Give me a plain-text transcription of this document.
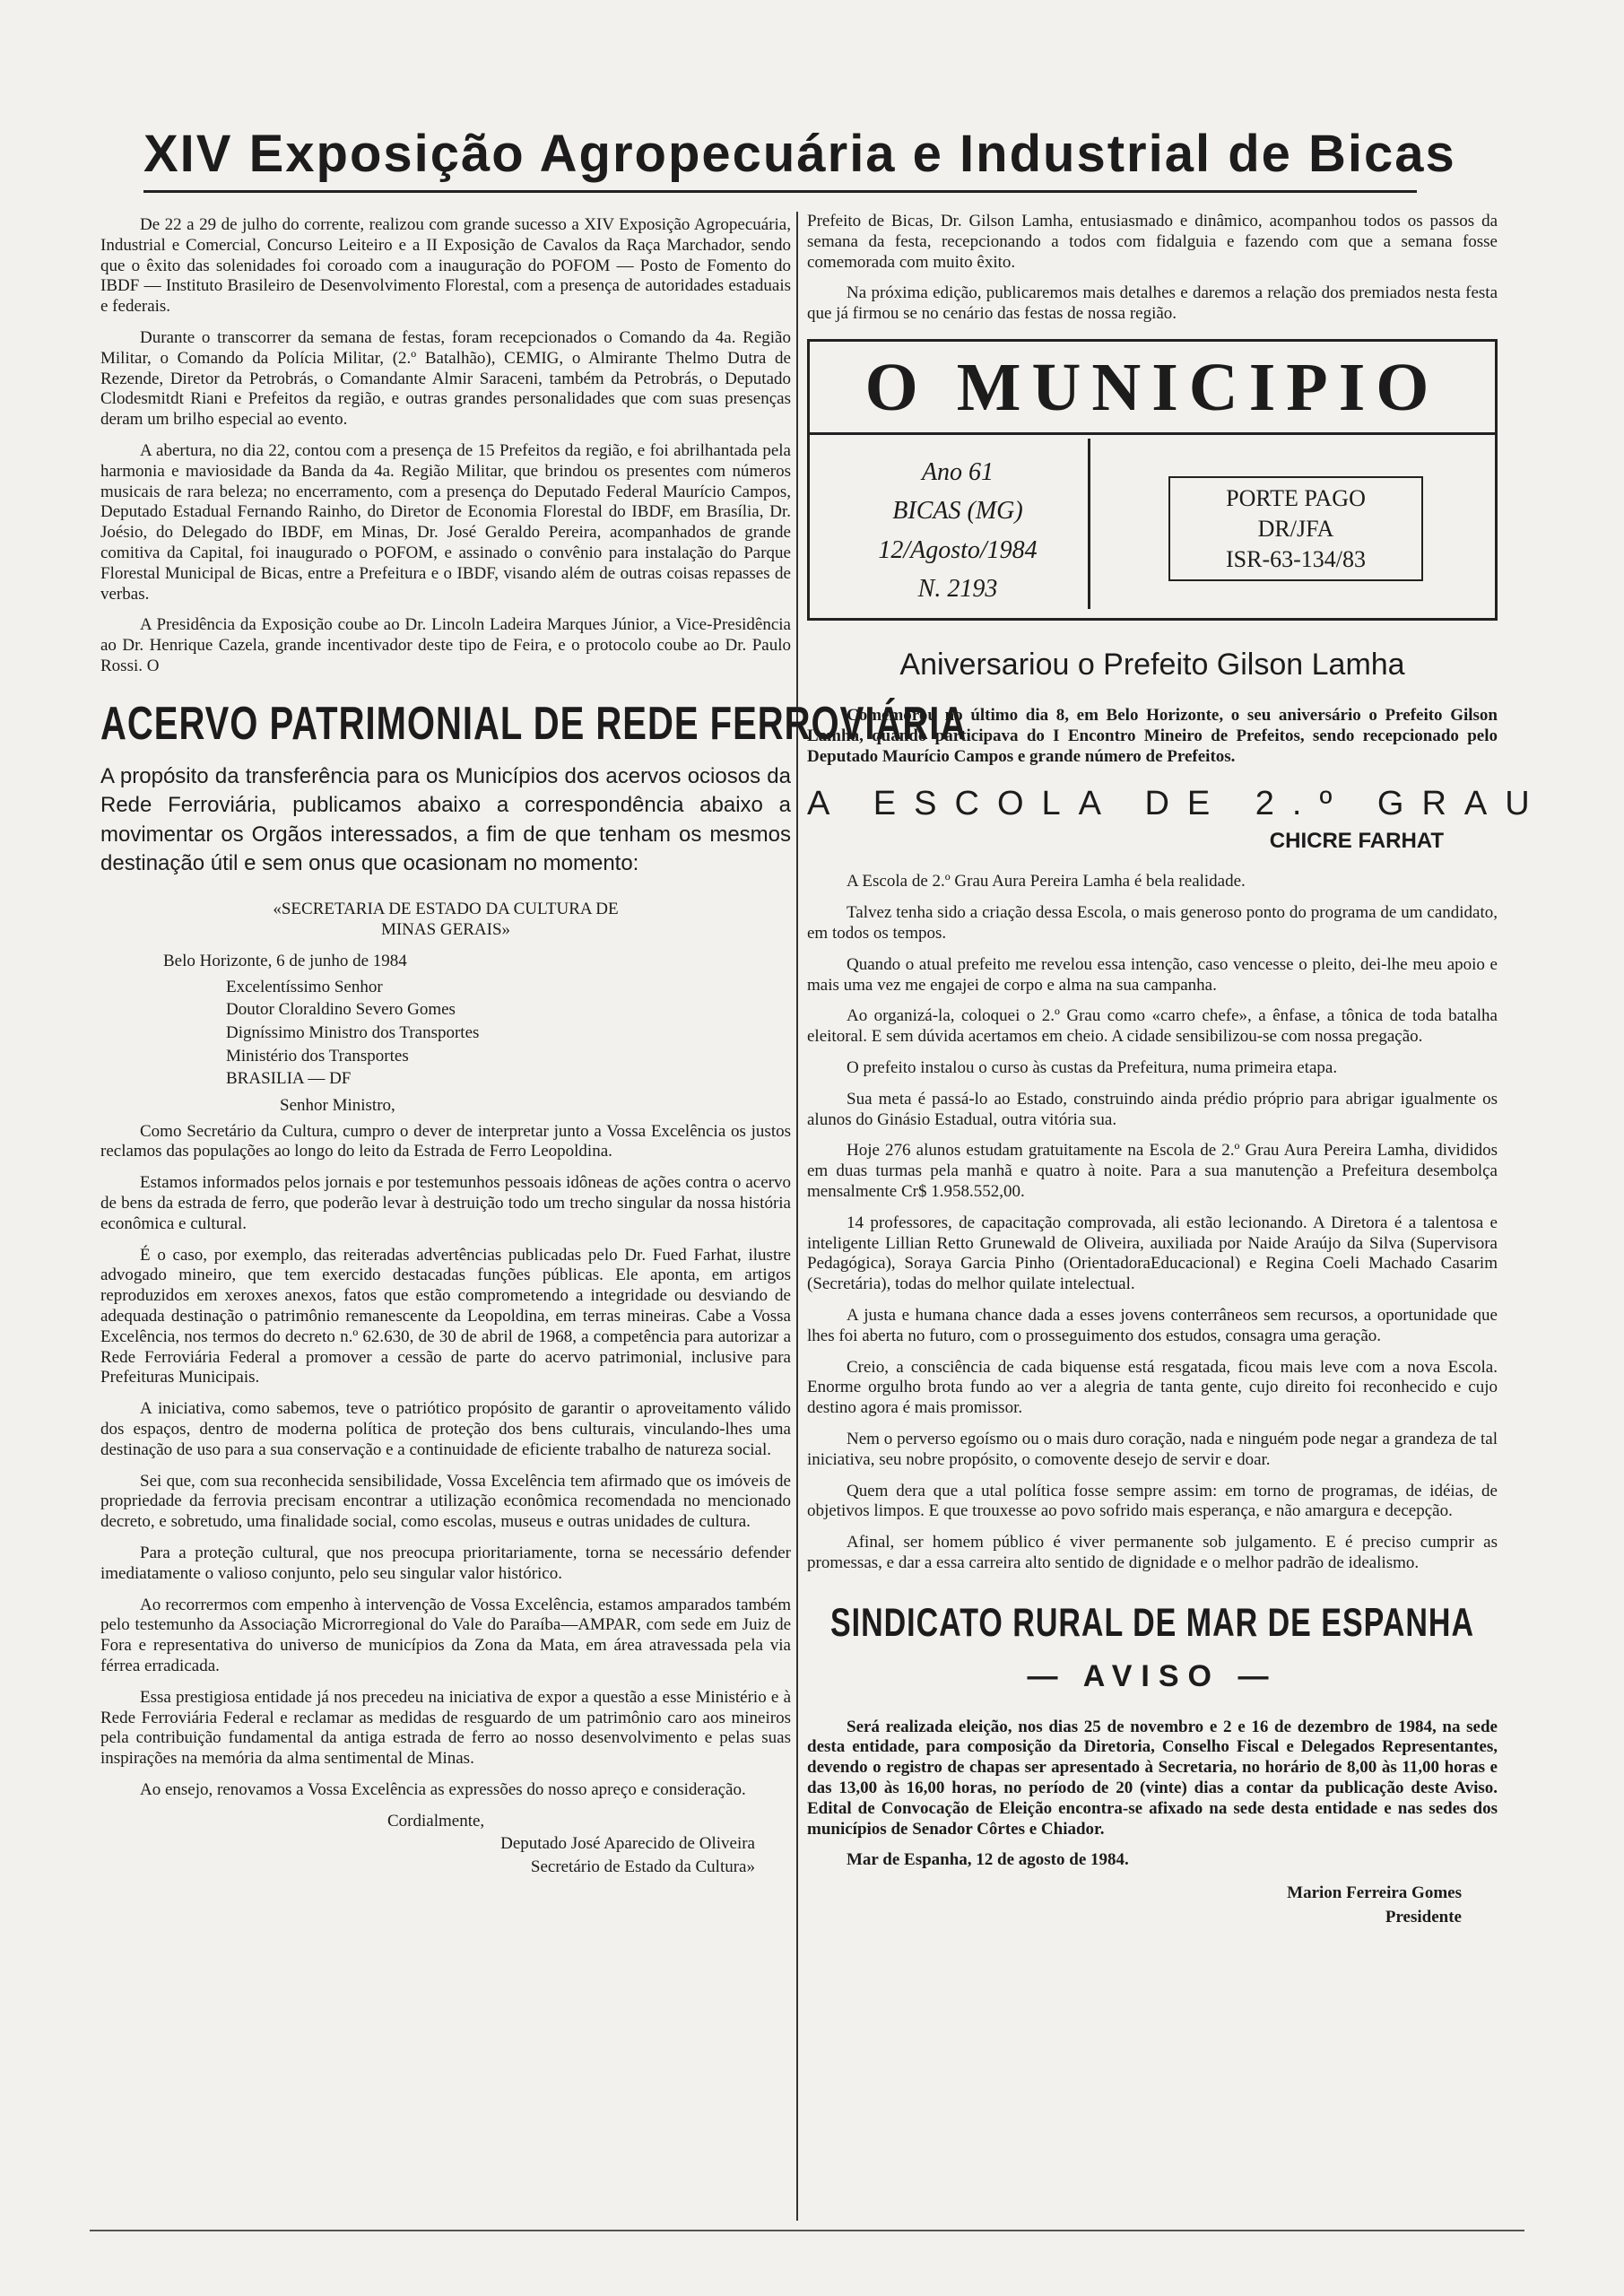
XIV Exposição Agropecuária e Industrial de Bicas

De 22 a 29 de julho do corrente, realizou com grande sucesso a XIV Exposição Agropecuária, Industrial e Comercial, Concurso Leiteiro e a II Exposição de Cavalos da Raça Marchador, sendo que o êxito das solenidades foi coroado com a inauguração do POFOM — Posto de Fomento do IBDF — Instituto Brasileiro de Desenvolvimento Florestal, com a presença de autoridades estaduais e federais.

Durante o transcorrer da semana de festas, foram recepcionados o Comando da 4a. Região Militar, o Comando da Polícia Militar, (2.º Batalhão), CEMIG, o Almirante Thelmo Dutra de Rezende, Diretor da Petrobrás, o Comandante Almir Saraceni, também da Petrobrás, o Deputado Clodesmitdt Riani e Prefeitos da região, e outras grandes personalidades que com suas presenças deram um brilho especial ao evento.

A abertura, no dia 22, contou com a presença de 15 Prefeitos da região, e foi abrilhantada pela harmonia e maviosidade da Banda da 4a. Região Militar, que brindou os presentes com números musicais de rara beleza; no encerramento, com a presença do Deputado Federal Maurício Campos, Deputado Estadual Fernando Rainho, do Diretor de Economia Florestal do IBDF, em Brasília, Dr. Joésio, do Delegado do IBDF, em Minas, Dr. José Geraldo Pereira, acompanhados de grande comitiva da Capital, foi inaugurado o POFOM, e assinado o convênio para instalação do Parque Florestal Municipal de Bicas, entre a Prefeitura e o IBDF, visando além de outras coisas repasses de verbas.

A Presidência da Exposição coube ao Dr. Lincoln Ladeira Marques Júnior, a Vice-Presidência ao Dr. Henrique Cazela, grande incentivador deste tipo de Feira, e o protocolo coube ao Dr. Paulo Rossi. O

ACERVO PATRIMONIAL DE REDE FERROVIÁRIA

A propósito da transferência para os Municípios dos acervos ociosos da Rede Ferroviária, publicamos abaixo a correspondência abaixo a movimentar os Orgãos interessados, a fim de que tenham os mesmos destinação útil e sem onus que ocasionam no momento:

«SECRETARIA DE ESTADO DA CULTURA DE

MINAS GERAIS»

Belo Horizonte, 6 de junho de 1984

Excelentíssimo Senhor
Doutor Cloraldino Severo Gomes
Digníssimo Ministro dos Transportes
Ministério dos Transportes
BRASILIA — DF

Senhor Ministro,

Como Secretário da Cultura, cumpro o dever de interpretar junto a Vossa Excelência os justos reclamos das populações ao longo do leito da Estrada de Ferro Leopoldina.

Estamos informados pelos jornais e por testemunhos pessoais idôneas de ações contra o acervo de bens da estrada de ferro, que poderão levar à destruição todo um trecho singular da nossa história econômica e cultural.

É o caso, por exemplo, das reiteradas advertências publicadas pelo Dr. Fued Farhat, ilustre advogado mineiro, que tem exercido destacadas funções públicas. Ele aponta, em artigos reproduzidos em xeroxes anexos, fatos que estão comprometendo a integridade ou desviando de adequada destinação o patrimônio remanescente da Leopoldina, em terras mineiras. Cabe a Vossa Excelência, nos termos do decreto n.º 62.630, de 30 de abril de 1968, a competência para autorizar a Rede Ferroviária Federal a promover a cessão de parte do acervo patrimonial, inclusive para Prefeituras Municipais.

A iniciativa, como sabemos, teve o patriótico propósito de garantir o aproveitamento válido dos espaços, dentro de moderna política de proteção dos bens culturais, vinculando-lhes uma destinação de uso para a sua conservação e a continuidade de eficiente trabalho de natureza social.

Sei que, com sua reconhecida sensibilidade, Vossa Excelência tem afirmado que os imóveis de propriedade da ferrovia precisam encontrar a utilização econômica recomendada no mencionado decreto, e sobretudo, uma finalidade social, como escolas, museus e outras unidades de cultura.

Para a proteção cultural, que nos preocupa prioritariamente, torna se necessário defender imediatamente o valioso conjunto, pelo seu singular valor histórico.

Ao recorrermos com empenho à intervenção de Vossa Excelência, estamos amparados também pelo testemunho da Associação Microrregional do Vale do Paraíba—AMPAR, com sede em Juiz de Fora e representativa do universo de municípios da Zona da Mata, em área atravessada pela via férrea erradicada.

Essa prestigiosa entidade já nos precedeu na iniciativa de expor a questão a esse Ministério e à Rede Ferroviária Federal e reclamar as medidas de resguardo de um patrimônio caro aos mineiros pela contribuição fundamental da antiga estrada de ferro ao nosso desenvolvimento e pelas suas inspirações na memória da alma sentimental de Minas.

Ao ensejo, renovamos a Vossa Excelência as expressões do nosso apreço e consideração.

Cordialmente,

Deputado José Aparecido de Oliveira
Secretário de Estado da Cultura»

Prefeito de Bicas, Dr. Gilson Lamha, entusiasmado e dinâmico, acompanhou todos os passos da semana da festa, recepcionando a todos com fidalguia e fazendo com que a semana fosse comemorada com muito êxito.

Na próxima edição, publicaremos mais detalhes e daremos a relação dos premiados nesta festa que já firmou se no cenário das festas de nossa região.

O MUNICIPIO
Ano 61
BICAS (MG)
12/Agosto/1984
N. 2193
PORTE PAGO
DR/JFA
ISR-63-134/83
Aniversariou o Prefeito Gilson Lamha

Comemorou no último dia 8, em Belo Horizonte, o seu aniversário o Prefeito Gilson Lamha, quando participava do I Encontro Mineiro de Prefeitos, sendo recepcionado pelo Deputado Maurício Campos e grande número de Prefeitos.

A ESCOLA DE 2.º GRAU
CHICRE FARHAT

A Escola de 2.º Grau Aura Pereira Lamha é bela realidade.

Talvez tenha sido a criação dessa Escola, o mais generoso ponto do programa de um candidato, em todos os tempos.

Quando o atual prefeito me revelou essa intenção, caso vencesse o pleito, dei-lhe meu apoio e mais uma vez me engajei de corpo e alma na sua campanha.

Ao organizá-la, coloquei o 2.º Grau como «carro chefe», a ênfase, a tônica de toda batalha eleitoral. E sem dúvida acertamos em cheio. A cidade sensibilizou-se com nossa pregação.

O prefeito instalou o curso às custas da Prefeitura, numa primeira etapa.

Sua meta é passá-lo ao Estado, construindo ainda prédio próprio para abrigar igualmente os alunos do Ginásio Estadual, outra vitória sua.

Hoje 276 alunos estudam gratuitamente na Escola de 2.º Grau Aura Pereira Lamha, divididos em duas turmas pela manhã e quatro à noite. Para a sua manutenção a Prefeitura desembolça mensalmente Cr$ 1.958.552,00.

14 professores, de capacitação comprovada, ali estão lecionando. A Diretora é a talentosa e inteligente Lillian Retto Grunewald de Oliveira, auxiliada por Naide Araújo da Silva (Supervisora Pedagógica), Soraya Garcia Pinho (OrientadoraEducacional) e Regina Coeli Machado Casarim (Secretária), todas do melhor quilate intelectual.

A justa e humana chance dada a esses jovens conterrâneos sem recursos, a oportunidade que lhes foi aberta no futuro, com o prosseguimento dos estudos, consagra uma geração.

Creio, a consciência de cada biquense está resgatada, ficou mais leve com a nova Escola. Enorme orgulho brota fundo ao ver a alegria de tanta gente, cujo direito foi reconhecido e cujo destino agora é mais promissor.

Nem o perverso egoísmo ou o mais duro coração, nada e ninguém pode negar a grandeza de tal iniciativa, seu nobre propósito, o comovente desejo de servir e doar.

Quem dera que a utal política fosse sempre assim: em torno de programas, de idéias, de objetivos limpos. E que trouxesse ao povo sofrido mais esperança, e não amargura e decepção.

Afinal, ser homem público é viver permanente sob julgamento. E é preciso cumprir as promessas, e dar a essa carreira alto sentido de dignidade e o melhor padrão de idealismo.

SINDICATO RURAL DE MAR DE ESPANHA
— AVISO —

Será realizada eleição, nos dias 25 de novembro e 2 e 16 de dezembro de 1984, na sede desta entidade, para composição da Diretoria, Conselho Fiscal e Delegados Representantes, devendo o registro de chapas ser apresentado à Secretaria, no horário de 8,00 às 11,00 horas e das 13,00 às 16,00 horas, no período de 20 (vinte) dias a contar da publicação deste Aviso. Edital de Convocação de Eleição encontra-se afixado na sede desta entidade e nas sedes dos municípios de Senador Côrtes e Chiador.

Mar de Espanha, 12 de agosto de 1984.

Marion Ferreira Gomes
Presidente
